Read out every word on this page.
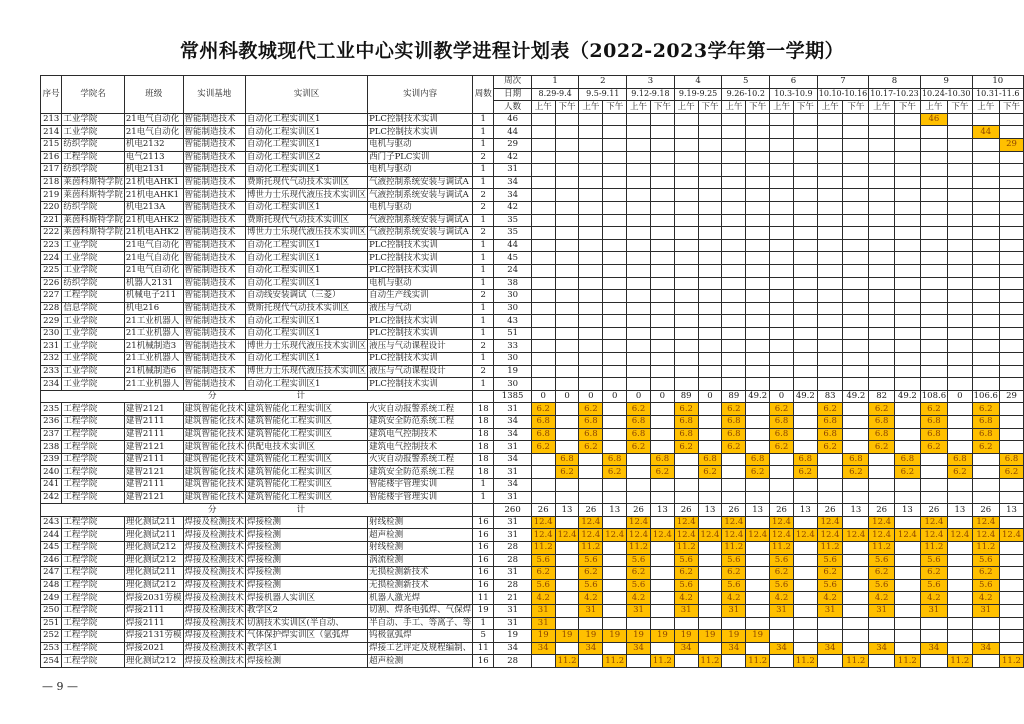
常州科教城现代工业中心实训教学进程计划表（2022-2023学年第一学期）
序号	学院名	班级	实训基地	实训区	实训内容	周数	周次	1		2		3		4		5		6		7		8		9		10	
							日期	8.29-9.4		9.5-9.11		9.12-9.18		9.19-9.25		9.26-10.2		10.3-10.9		10.10-10.16		10.17-10.23		10.24-10.30		10.31-11.6	
							人数	上午	下午	上午	下午	上午	下午	上午	下午	上午	下午	上午	下午	上午	下午	上午	下午	上午	下午	上午	下午
213	工业学院	21电气自动化	智能制造技术	自动化工程实训区1	PLC控制技术实训	1	46																	46			
214	工业学院	21电气自动化	智能制造技术	自动化工程实训区1	PLC控制技术实训	1	44																			44	
215	纺织学院	机电2132	智能制造技术	自动化工程实训区1	电机与驱动	1	29																				29
216	工程学院	电气2113	智能制造技术	自动化工程实训区2	西门子PLC实训	2	42																				
217	纺织学院	机电2131	智能制造技术	自动化工程实训区1	电机与驱动	1	31																				
218	莱茵科斯特学院	21机电AHK1	智能制造技术	费斯托现代气动技术实训区	气液控制系统安装与调试A	1	34																				
219	莱茵科斯特学院	21机电AHK1	智能制造技术	博世力士乐现代液压技术实训区	气液控制系统安装与调试A	2	34																				
220	纺织学院	机电213A	智能制造技术	自动化工程实训区1	电机与驱动	2	42																				
221	莱茵科斯特学院	21机电AHK2	智能制造技术	费斯托现代气动技术实训区	气液控制系统安装与调试A	1	35																				
222	莱茵科斯特学院	21机电AHK2	智能制造技术	博世力士乐现代液压技术实训区	气液控制系统安装与调试A	2	35																				
223	工业学院	21电气自动化	智能制造技术	自动化工程实训区1	PLC控制技术实训	1	44																				
224	工业学院	21电气自动化	智能制造技术	自动化工程实训区1	PLC控制技术实训	1	45																				
225	工业学院	21电气自动化	智能制造技术	自动化工程实训区1	PLC控制技术实训	1	24																				
226	纺织学院	机器人2131	智能制造技术	自动化工程实训区1	电机与驱动	1	38																				
227	工程学院	机械电子211	智能制造技术	自动线安装调试（三菱）	自动生产线实训	2	30																				
228	信息学院	机电216	智能制造技术	费斯托现代气动技术实训区	液压与气动	1	30																				
229	工业学院	21工业机器人	智能制造技术	自动化工程实训区1	PLC控制技术实训	1	43																				
230	工业学院	21工业机器人	智能制造技术	自动化工程实训区1	PLC控制技术实训	1	51																				
231	工业学院	21机械制造3	智能制造技术	博世力士乐现代液压技术实训区	液压与气动课程设计	2	33																				
232	工业学院	21工业机器人	智能制造技术	自动化工程实训区1	PLC控制技术实训	1	30																				
233	工业学院	21机械制造6	智能制造技术	博世力士乐现代液压技术实训区	液压与气动课程设计	2	19																				
234	工业学院	21工业机器人	智能制造技术	自动化工程实训区1	PLC控制技术实训	1	30																				

分 计							1385	0	0	0	0	0	0	89	0	89	49.2	0	49.2	83	49.2	82	49.2	108.6	0	106.6	29
235	工程学院	建智2121	建筑智能化技术	建筑智能化工程实训区	火灾自动报警系统工程	18	31	6.2		6.2		6.2		6.2		6.2		6.2		6.2		6.2		6.2		6.2	
236	工程学院	建智2111	建筑智能化技术	建筑智能化工程实训区	建筑安全防范系统工程	18	34	6.8		6.8		6.8		6.8		6.8		6.8		6.8		6.8		6.8		6.8	
237	工程学院	建智2111	建筑智能化技术	建筑智能化工程实训区	建筑电气控制技术	18	34	6.8		6.8		6.8		6.8		6.8		6.8		6.8		6.8		6.8		6.8	
238	工程学院	建智2121	建筑智能化技术	供配电技术实训区	建筑电气控制技术	18	31	6.2		6.2		6.2		6.2		6.2		6.2		6.2		6.2		6.2		6.2	
239	工程学院	建智2111	建筑智能化技术	建筑智能化工程实训区	火灾自动报警系统工程	18	34		6.8		6.8		6.8		6.8		6.8		6.8		6.8		6.8		6.8		6.8
240	工程学院	建智2121	建筑智能化技术	建筑智能化工程实训区	建筑安全防范系统工程	18	31		6.2		6.2		6.2		6.2		6.2		6.2		6.2		6.2		6.2		6.2
241	工程学院	建智2111	建筑智能化技术	建筑智能化工程实训区	智能楼宇管理实训	1	34																				
242	工程学院	建智2121	建筑智能化技术	建筑智能化工程实训区	智能楼宇管理实训	1	31																				

分 计							260	26	13	26	13	26	13	26	13	26	13	26	13	26	13	26	13	26	13	26	13
243	工程学院	理化测试211	焊接及检测技术	焊接检测	射线检测	16	31	12.4		12.4		12.4		12.4		12.4		12.4		12.4		12.4		12.4		12.4	
244	工程学院	理化测试211	焊接及检测技术	焊接检测	超声检测	16	31	12.4	12.4	12.4	12.4	12.4	12.4	12.4	12.4	12.4	12.4	12.4	12.4	12.4	12.4	12.4	12.4	12.4	12.4	12.4	12.4
245	工程学院	理化测试212	焊接及检测技术	焊接检测	射线检测	16	28	11.2		11.2		11.2		11.2		11.2		11.2		11.2		11.2		11.2		11.2	
246	工程学院	理化测试212	焊接及检测技术	焊接检测	涡流检测	16	28	5.6		5.6		5.6		5.6		5.6		5.6		5.6		5.6		5.6		5.6	
247	工程学院	理化测试211	焊接及检测技术	焊接检测	无损检测新技术	16	31	6.2		6.2		6.2		6.2		6.2		6.2		6.2		6.2		6.2		6.2	
248	工程学院	理化测试212	焊接及检测技术	焊接检测	无损检测新技术	16	28	5.6		5.6		5.6		5.6		5.6		5.6		5.6		5.6		5.6		5.6	
249	工程学院	焊接2031劳模	焊接及检测技术	焊接机器人实训区	机器人激光焊	11	21	4.2		4.2		4.2		4.2		4.2		4.2		4.2		4.2		4.2		4.2	
250	工程学院	焊接2111	焊接及检测技术	教学区2	切割、焊条电弧焊、气保焊	19	31	31		31		31		31		31		31		31		31		31		31	
251	工程学院	焊接2111	焊接及检测技术	切割技术实训区(半自动、	半自动、手工、等离子、等	1	31	31																			
252	工程学院	焊接2131劳模	焊接及检测技术	气体保护焊实训区（氩弧焊	钨极氩弧焊	5	19	19	19	19	19	19	19	19	19	19	19										
253	工程学院	焊接2021	焊接及检测技术	教学区1	焊接工艺评定及规程编制、	11	34	34		34		34		34		34		34		34		34		34		34	
254	工程学院	理化测试212	焊接及检测技术	焊接检测	超声检测	16	28		11.2		11.2		11.2		11.2		11.2		11.2		11.2		11.2		11.2		11.2
— 9 —
